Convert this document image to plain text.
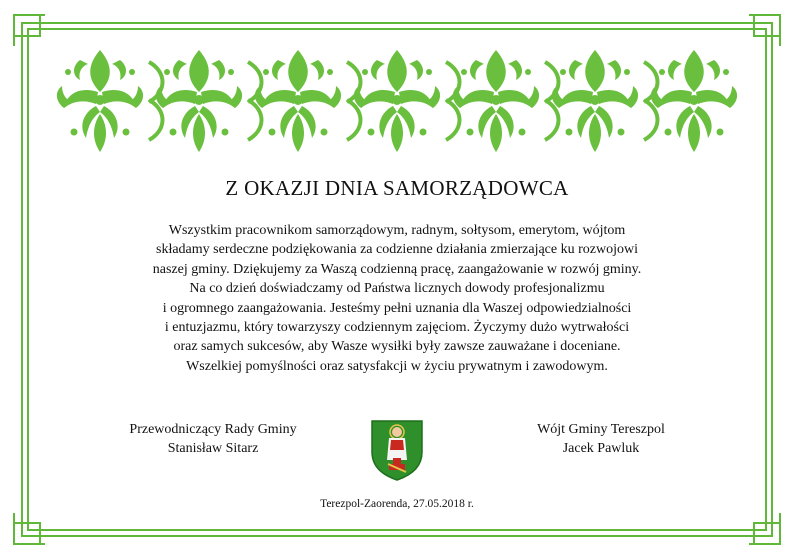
Z OKAZJI DNIA SAMORZĄDOWCA
Wszystkim pracownikom samorządowym, radnym, sołtysom, emerytom, wójtom
składamy serdeczne podziękowania za codzienne działania zmierzające ku rozwojowi
naszej gminy. Dziękujemy za Waszą codzienną pracę, zaangażowanie w rozwój gminy.
Na co dzień doświadczamy od Państwa licznych dowody profesjonalizmu
i ogromnego zaangażowania. Jesteśmy pełni uznania dla Waszej odpowiedzialności
i entuzjazmu, który towarzyszy codziennym zajęciom. Życzymy dużo wytrwałości
oraz samych sukcesów, aby Wasze wysiłki były zawsze zauważane i doceniane.
Wszelkiej pomyślności oraz satysfakcji w życiu prywatnym i zawodowym.
Przewodniczący Rady Gminy
Stanisław Sitarz
Wójt Gminy Tereszpol
Jacek Pawluk
Terezpol-Zaorenda, 27.05.2018 r.
